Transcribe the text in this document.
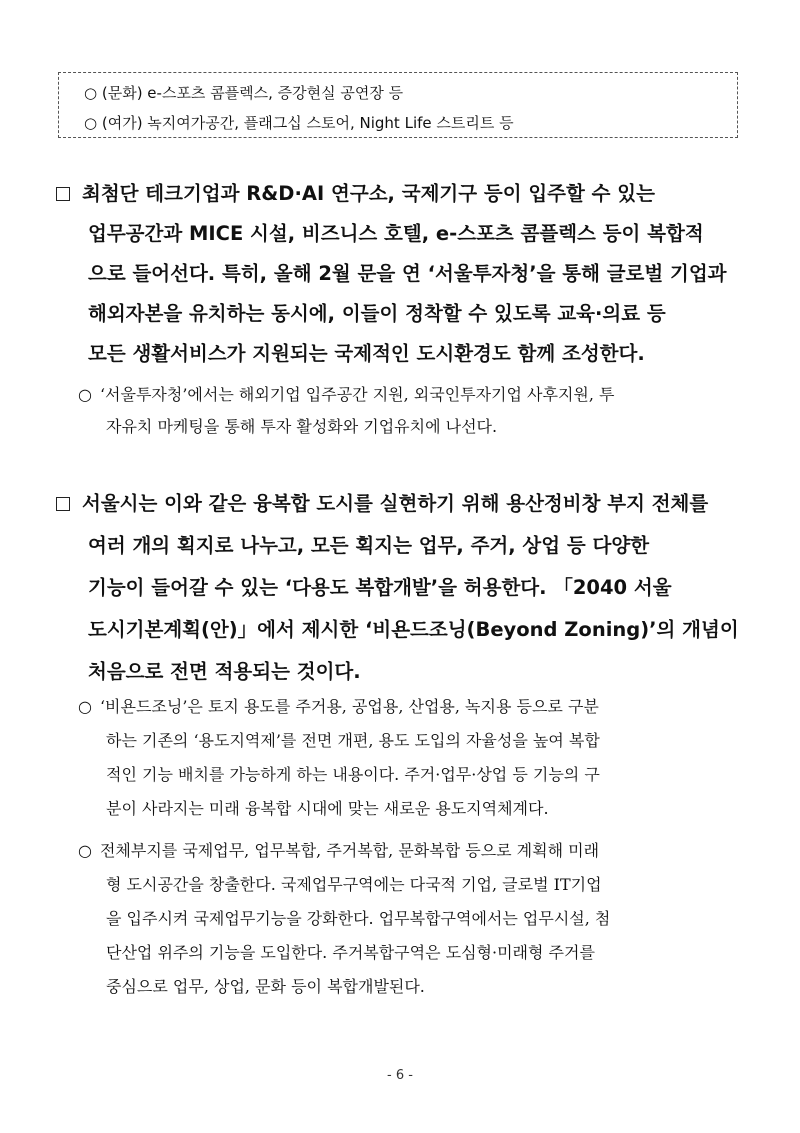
○ (문화) e-스포츠 콤플렉스, 증강현실 공연장 등
○ (여가) 녹지여가공간, 플래그십 스토어, Night Life 스트리트 등
최첨단 테크기업과 R&D·AI 연구소, 국제기구 등이 입주할 수 있는
업무공간과 MICE 시설, 비즈니스 호텔, e-스포츠 콤플렉스 등이 복합적
으로 들어선다. 특히, 올해 2월 문을 연 ‘서울투자청’을 통해 글로벌 기업과
해외자본을 유치하는 동시에, 이들이 정착할 수 있도록 교육·의료 등
모든 생활서비스가 지원되는 국제적인 도시환경도 함께 조성한다.
○ ‘서울투자청’에서는 해외기업 입주공간 지원, 외국인투자기업 사후지원, 투
자유치 마케팅을 통해 투자 활성화와 기업유치에 나선다.
서울시는 이와 같은 융복합 도시를 실현하기 위해 용산정비창 부지 전체를
여러 개의 획지로 나누고, 모든 획지는 업무, 주거, 상업 등 다양한
기능이 들어갈 수 있는 ‘다용도 복합개발’을 허용한다. 「2040 서울
도시기본계획(안)」에서 제시한 ‘비욘드조닝(Beyond Zoning)’의 개념이
처음으로 전면 적용되는 것이다.
○ ‘비욘드조닝’은 토지 용도를 주거용, 공업용, 산업용, 녹지용 등으로 구분
하는 기존의 ‘용도지역제’를 전면 개편, 용도 도입의 자율성을 높여 복합
적인 기능 배치를 가능하게 하는 내용이다. 주거·업무·상업 등 기능의 구
분이 사라지는 미래 융복합 시대에 맞는 새로운 용도지역체계다.
○ 전체부지를 국제업무, 업무복합, 주거복합, 문화복합 등으로 계획해 미래
형 도시공간을 창출한다. 국제업무구역에는 다국적 기업, 글로벌 IT기업
을 입주시켜 국제업무기능을 강화한다. 업무복합구역에서는 업무시설, 첨
단산업 위주의 기능을 도입한다. 주거복합구역은 도심형·미래형 주거를
중심으로 업무, 상업, 문화 등이 복합개발된다.
- 6 -
